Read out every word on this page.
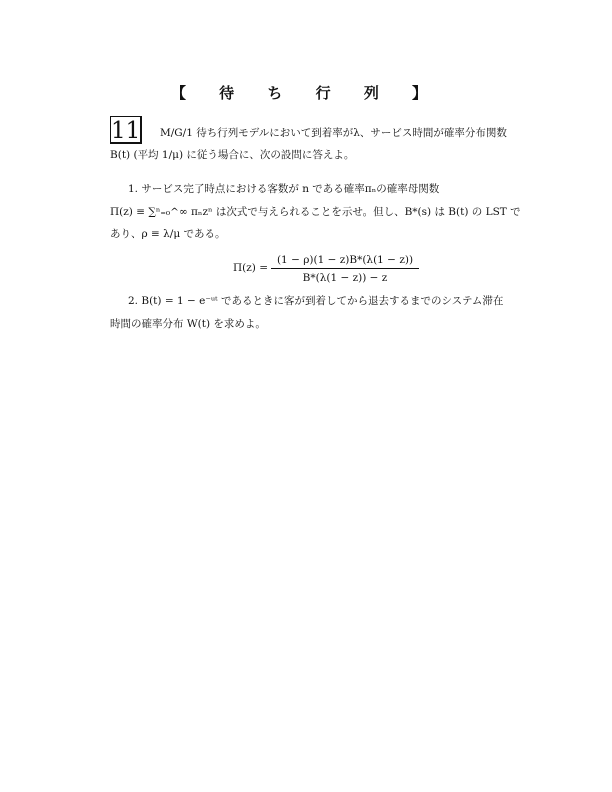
【 待 ち 行 列 】
11 M/G/1 待ち行列モデルにおいて到着率がλ、サービス時間が確率分布関数
B(t) (平均 1/μ) に従う場合に、次の設問に答えよ。
1. サービス完了時点における客数が n である確率πₙの確率母関数
Π(z) ≡ ∑ⁿ₌₀^∞ πₙzⁿ は次式で与えられることを示せ。但し、B*(s) は B(t) の LST で
あり、ρ ≡ λ/μ である。
Π(z) =
(1 − ρ)(1 − z)B*(λ(1 − z))
B*(λ(1 − z)) − z
2. B(t) = 1 − e⁻ᵘᵗ であるときに客が到着してから退去するまでのシステム滞在
時間の確率分布 W(t) を求めよ。
